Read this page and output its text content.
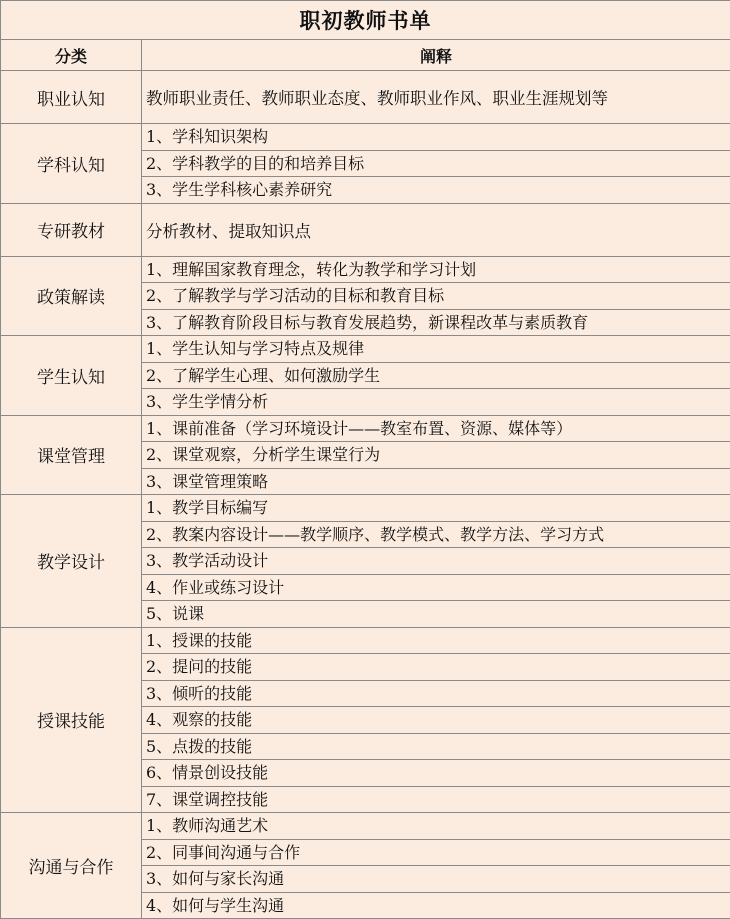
职初教师书单	
分类	阐释
职业认知	教师职业责任、教师职业态度、教师职业作风、职业生涯规划等
学科认知	1、学科知识架构
	2、学科教学的目的和培养目标
	3、学生学科核心素养研究
专研教材	分析教材、提取知识点
政策解读	1、理解国家教育理念，转化为教学和学习计划
	2、了解教学与学习活动的目标和教育目标
	3、了解教育阶段目标与教育发展趋势，新课程改革与素质教育
学生认知	1、学生认知与学习特点及规律
	2、了解学生心理、如何激励学生
	3、学生学情分析
课堂管理	1、课前准备（学习环境设计——教室布置、资源、媒体等）
	2、课堂观察，分析学生课堂行为
	3、课堂管理策略
教学设计	1、教学目标编写
	2、教案内容设计——教学顺序、教学模式、教学方法、学习方式
	3、教学活动设计
	4、作业或练习设计
	5、说课
授课技能	1、授课的技能
	2、提问的技能
	3、倾听的技能
	4、观察的技能
	5、点拨的技能
	6、情景创设技能
	7、课堂调控技能
沟通与合作	1、教师沟通艺术
	2、同事间沟通与合作
	3、如何与家长沟通
	4、如何与学生沟通
